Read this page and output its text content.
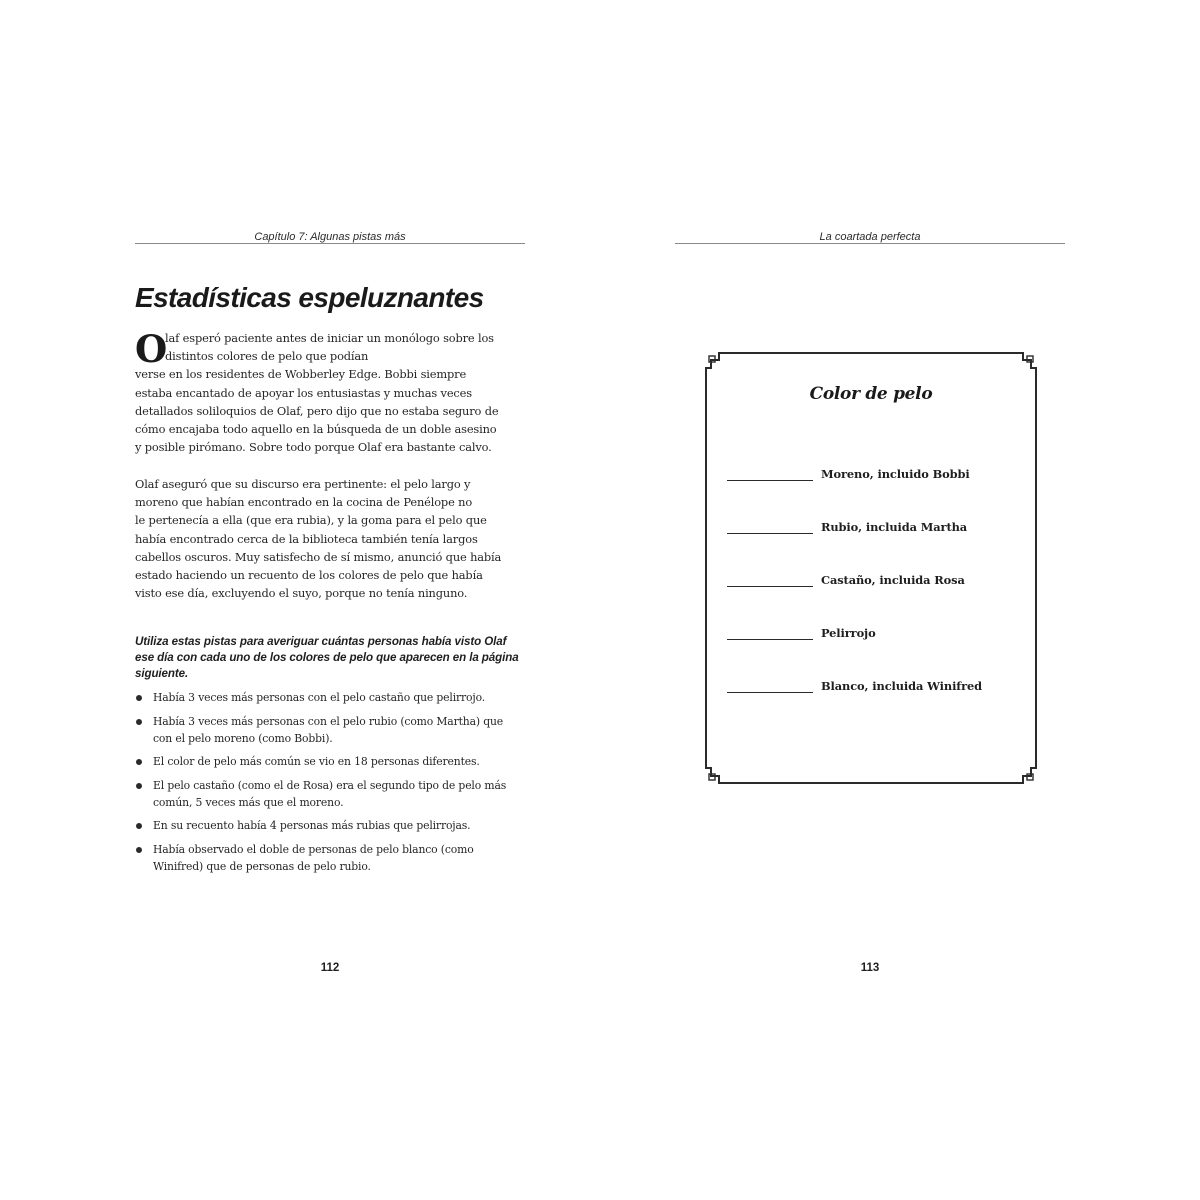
Capítulo 7: Algunas pistas más
Estadísticas espeluznantes
O

laf esperó paciente antes de iniciar un monólogo sobre los
distintos colores de pelo que podían
verse en los residentes de Wobberley Edge. Bobbi siempre
estaba encantado de apoyar los entusiastas y muchas veces
detallados soliloquios de Olaf, pero dijo que no estaba seguro de
cómo encajaba todo aquello en la búsqueda de un doble asesino
y posible pirómano. Sobre todo porque Olaf era bastante calvo.

Olaf aseguró que su discurso era pertinente: el pelo largo y
moreno que habían encontrado en la cocina de Penélope no
le pertenecía a ella (que era rubia), y la goma para el pelo que
había encontrado cerca de la biblioteca también tenía largos
cabellos oscuros. Muy satisfecho de sí mismo, anunció que había
estado haciendo un recuento de los colores de pelo que había
visto ese día, excluyendo el suyo, porque no tenía ninguno.

Utiliza estas pistas para averiguar cuántas personas había visto Olaf
ese día con cada uno de los colores de pelo que aparecen en la página
siguiente.

Había 3 veces más personas con el pelo castaño que pelirrojo.
Había 3 veces más personas con el pelo rubio (como Martha) que
con el pelo moreno (como Bobbi).
El color de pelo más común se vio en 18 personas diferentes.
El pelo castaño (como el de Rosa) era el segundo tipo de pelo más
común, 5 veces más que el moreno.
En su recuento había 4 personas más rubias que pelirrojas.
Había observado el doble de personas de pelo blanco (como
Winifred) que de personas de pelo rubio.
112
La coartada perfecta
113
Color de pelo
Moreno, incluido Bobbi
Rubio, incluida Martha
Castaño, incluida Rosa
Pelirrojo
Blanco, incluida Winifred
